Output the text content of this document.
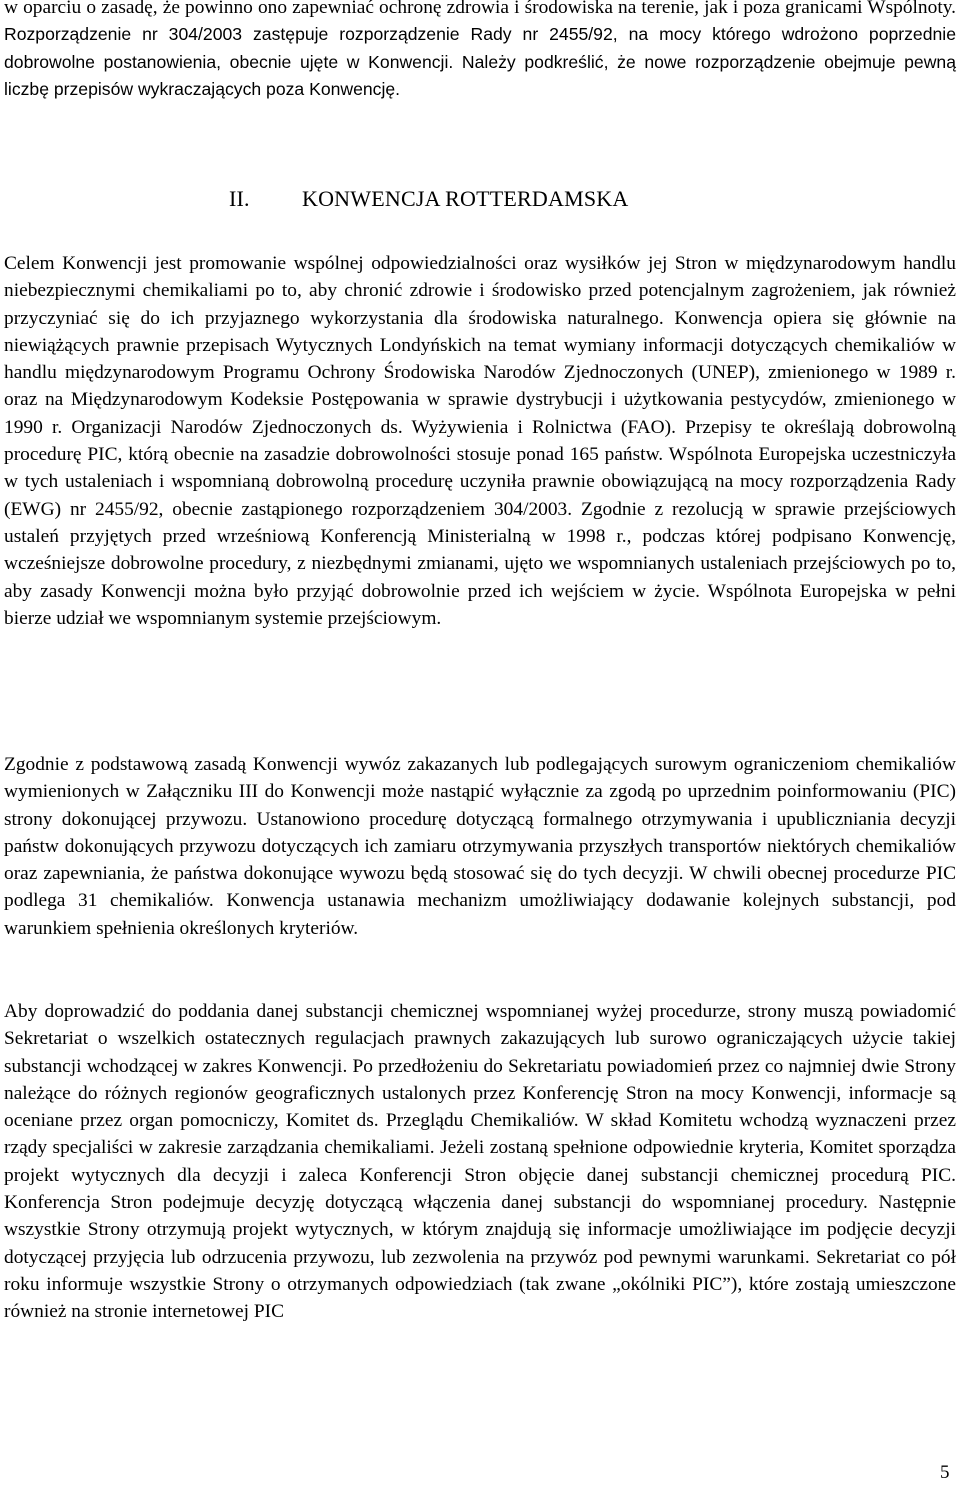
w oparciu o zasadę, że powinno ono zapewniać ochronę zdrowia i środowiska na terenie, jak i poza granicami Wspólnoty. Rozporządzenie nr 304/2003 zastępuje rozporządzenie Rady nr 2455/92, na mocy którego wdrożono poprzednie dobrowolne postanowienia, obecnie ujęte w Konwencji. Należy podkreślić, że nowe rozporządzenie obejmuje pewną liczbę przepisów wykraczających poza Konwencję.

II. KONWENCJA ROTTERDAMSKA

Celem Konwencji jest promowanie wspólnej odpowiedzialności oraz wysiłków jej Stron w międzynarodowym handlu niebezpiecznymi chemikaliami po to, aby chronić zdrowie i środowisko przed potencjalnym zagrożeniem, jak również przyczyniać się do ich przyjaznego wykorzystania dla środowiska naturalnego. Konwencja opiera się głównie na niewiążących prawnie przepisach Wytycznych Londyńskich na temat wymiany informacji dotyczących chemikaliów w handlu międzynarodowym Programu Ochrony Środowiska Narodów Zjednoczonych (UNEP), zmienionego w 1989 r. oraz na Międzynarodowym Kodeksie Postępowania w sprawie dystrybucji i użytkowania pestycydów, zmienionego w 1990 r. Organizacji Narodów Zjednoczonych ds. Wyżywienia i Rolnictwa (FAO). Przepisy te określają dobrowolną procedurę PIC, którą obecnie na zasadzie dobrowolności stosuje ponad 165 państw. Wspólnota Europejska uczestniczyła w tych ustaleniach i wspomnianą dobrowolną procedurę uczyniła prawnie obowiązującą na mocy rozporządzenia Rady (EWG) nr 2455/92, obecnie zastąpionego rozporządzeniem 304/2003. Zgodnie z rezolucją w sprawie przejściowych ustaleń przyjętych przed wrześniową Konferencją Ministerialną w 1998 r., podczas której podpisano Konwencję, wcześniejsze dobrowolne procedury, z niezbędnymi zmianami, ujęto we wspomnianych ustaleniach przejściowych po to, aby zasady Konwencji można było przyjąć dobrowolnie przed ich wejściem w życie. Wspólnota Europejska w pełni bierze udział we wspomnianym systemie przejściowym.

Zgodnie z podstawową zasadą Konwencji wywóz zakazanych lub podlegających surowym ograniczeniom chemikaliów wymienionych w Załączniku III do Konwencji może nastąpić wyłącznie za zgodą po uprzednim poinformowaniu (PIC) strony dokonującej przywozu. Ustanowiono procedurę dotyczącą formalnego otrzymywania i upubliczniania decyzji państw dokonujących przywozu dotyczących ich zamiaru otrzymywania przyszłych transportów niektórych chemikaliów oraz zapewniania, że państwa dokonujące wywozu będą stosować się do tych decyzji. W chwili obecnej procedurze PIC podlega 31 chemikaliów. Konwencja ustanawia mechanizm umożliwiający dodawanie kolejnych substancji, pod warunkiem spełnienia określonych kryteriów.

Aby doprowadzić do poddania danej substancji chemicznej wspomnianej wyżej procedurze, strony muszą powiadomić Sekretariat o wszelkich ostatecznych regulacjach prawnych zakazujących lub surowo ograniczających użycie takiej substancji wchodzącej w zakres Konwencji. Po przedłożeniu do Sekretariatu powiadomień przez co najmniej dwie Strony należące do różnych regionów geograficznych ustalonych przez Konferencję Stron na mocy Konwencji, informacje są oceniane przez organ pomocniczy, Komitet ds. Przeglądu Chemikaliów. W skład Komitetu wchodzą wyznaczeni przez rządy specjaliści w zakresie zarządzania chemikaliami. Jeżeli zostaną spełnione odpowiednie kryteria, Komitet sporządza projekt wytycznych dla decyzji i zaleca Konferencji Stron objęcie danej substancji chemicznej procedurą PIC. Konferencja Stron podejmuje decyzję dotyczącą włączenia danej substancji do wspomnianej procedury. Następnie wszystkie Strony otrzymują projekt wytycznych, w którym znajdują się informacje umożliwiające im podjęcie decyzji dotyczącej przyjęcia lub odrzucenia przywozu, lub zezwolenia na przywóz pod pewnymi warunkami. Sekretariat co pół roku informuje wszystkie Strony o otrzymanych odpowiedziach (tak zwane „okólniki PIC”), które zostają umieszczone również na stronie internetowej PIC

5
